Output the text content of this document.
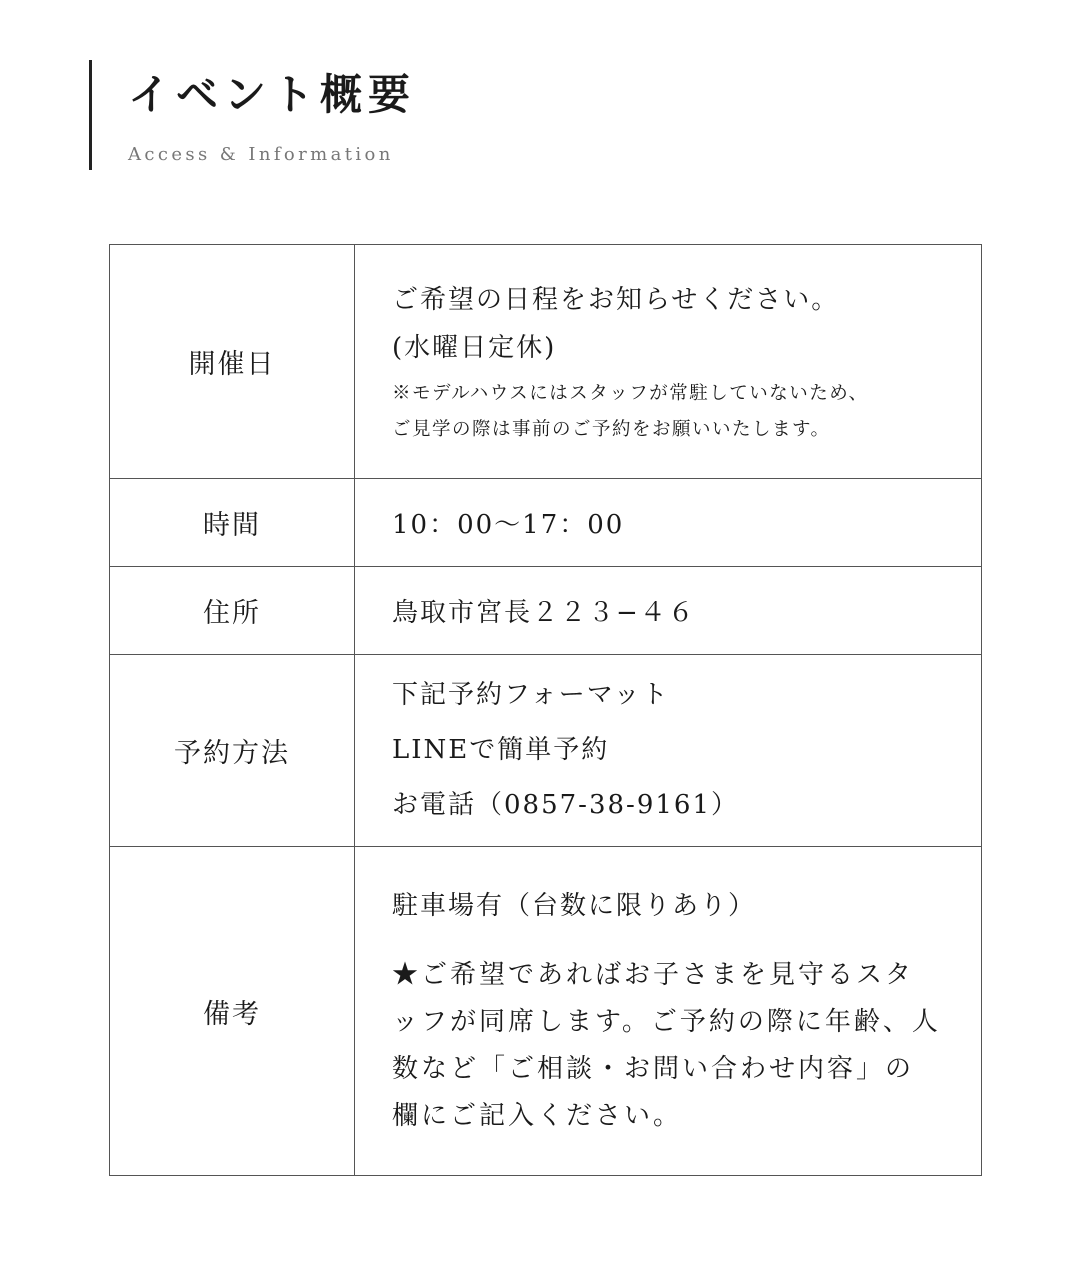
イベント概要
Access & Information
開催日	ご希望の日程をお知らせください。
(水曜日定休)
※モデルハウスにはスタッフが常駐していないため、
ご見学の際は事前のご予約をお願いいたします。

時間	10：00〜17：00
住所	鳥取市宮長２２３−４６
予約方法	下記予約フォーマット
LINEで簡単予約
お電話（0857-38-9161）

備考	駐車場有（台数に限りあり）
★ご希望であればお子さまを見守るスタッフが同席します。ご予約の際に年齢、人数など「ご相談・お問い合わせ内容」の欄にご記入ください。
